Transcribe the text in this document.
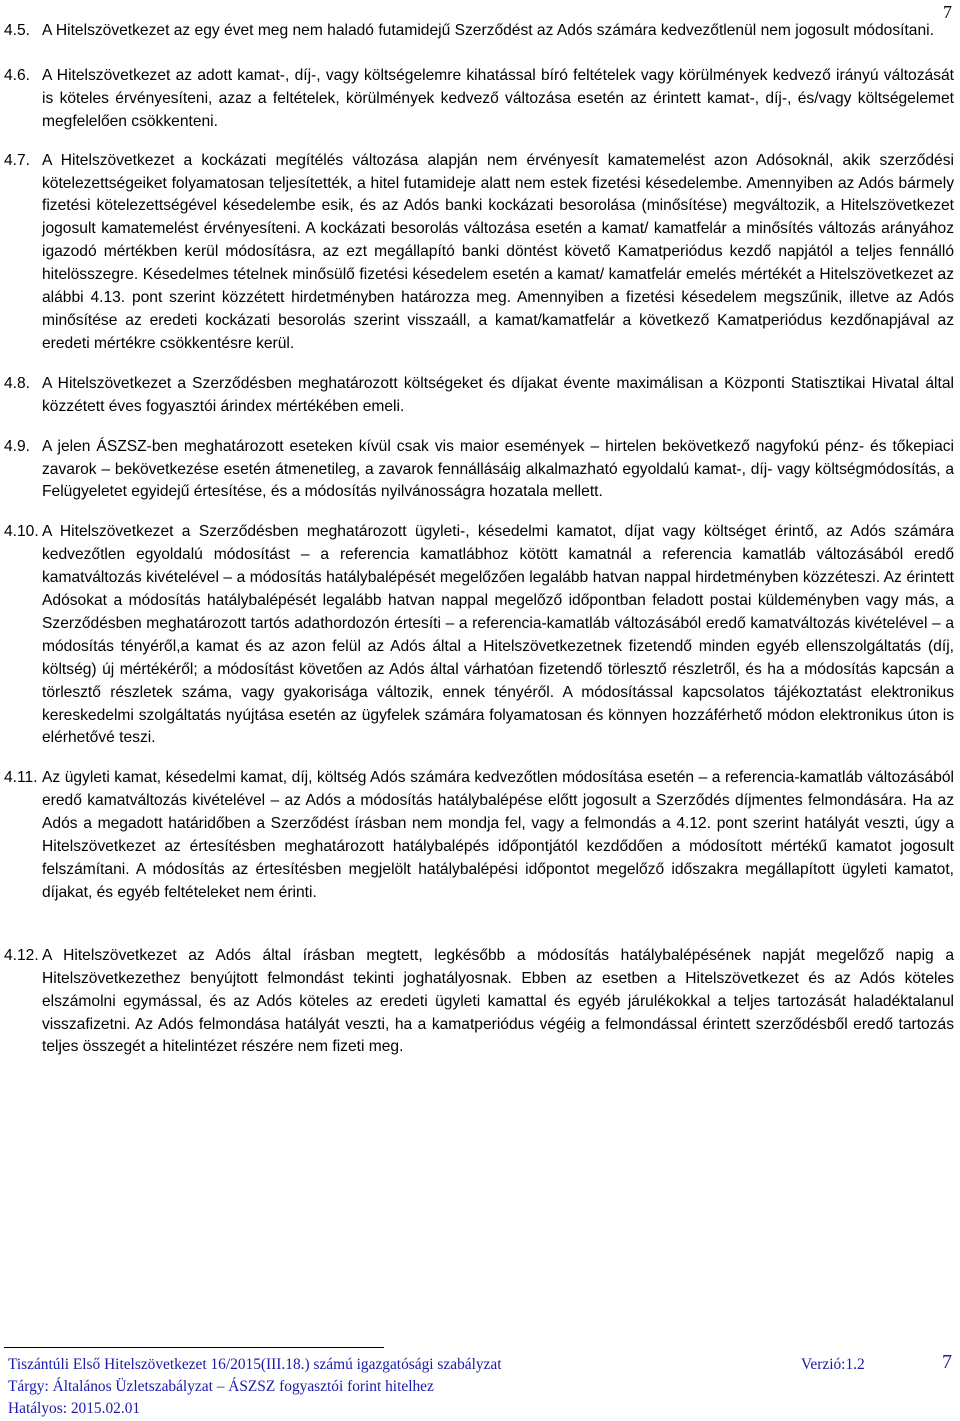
7
4.5. A Hitelszövetkezet az egy évet meg nem haladó futamidejű Szerződést az Adós számára kedvezőtlenül nem jogosult módosítani.
4.6. A Hitelszövetkezet az adott kamat-, díj-, vagy költségelemre kihatással bíró feltételek vagy körülmények kedvező irányú változását is köteles érvényesíteni, azaz a feltételek, körülmények kedvező változása esetén az érintett kamat-, díj-, és/vagy költségelemet megfelelően csökkenteni.
4.7. A Hitelszövetkezet a kockázati megítélés változása alapján nem érvényesít kamatemelést azon Adósoknál, akik szerződési kötelezettségeiket folyamatosan teljesítették, a hitel futamideje alatt nem estek fizetési késedelembe. Amennyiben az Adós bármely fizetési kötelezettségével késedelembe esik, és az Adós banki kockázati besorolása (minősítése) megváltozik, a Hitelszövetkezet jogosult kamatemelést érvényesíteni. A kockázati besorolás változása esetén a kamat/ kamatfelár a minősítés változás arányához igazodó mértékben kerül módosításra, az ezt megállapító banki döntést követő Kamatperiódus kezdő napjától a teljes fennálló hitelösszegre. Késedelmes tételnek minősülő fizetési késedelem esetén a kamat/ kamatfelár emelés mértékét a Hitelszövetkezet az alábbi 4.13. pont szerint közzétett hirdetményben határozza meg. Amennyiben a fizetési késedelem megszűnik, illetve az Adós minősítése az eredeti kockázati besorolás szerint visszaáll, a kamat/kamatfelár a következő Kamatperiódus kezdőnapjával az eredeti mértékre csökkentésre kerül.
4.8. A Hitelszövetkezet a Szerződésben meghatározott költségeket és díjakat évente maximálisan a Központi Statisztikai Hivatal által közzétett éves fogyasztói árindex mértékében emeli.
4.9. A jelen ÁSZSZ-ben meghatározott eseteken kívül csak vis maior események – hirtelen bekövetkező nagyfokú pénz- és tőkepiaci zavarok – bekövetkezése esetén átmenetileg, a zavarok fennállásáig alkalmazható egyoldalú kamat-, díj- vagy költségmódosítás, a Felügyeletet egyidejű értesítése, és a módosítás nyilvánosságra hozatala mellett.
4.10. A Hitelszövetkezet a Szerződésben meghatározott ügyleti-, késedelmi kamatot, díjat vagy költséget érintő, az Adós számára kedvezőtlen egyoldalú módosítást – a referencia kamatlábhoz kötött kamatnál a referencia kamatláb változásából eredő kamatváltozás kivételével – a módosítás hatálybalépését megelőzően legalább hatvan nappal hirdetményben közzéteszi. Az érintett Adósokat a módosítás hatálybalépését legalább hatvan nappal megelőző időpontban feladott postai küldeményben vagy más, a Szerződésben meghatározott tartós adathordozón értesíti – a referencia-kamatláb változásából eredő kamatváltozás kivételével – a módosítás tényéről,a kamat és az azon felül az Adós által a Hitelszövetkezetnek fizetendő minden egyéb ellenszolgáltatás (díj, költség) új mértékéről; a módosítást követően az Adós által várhatóan fizetendő törlesztő részletről, és ha a módosítás kapcsán a törlesztő részletek száma, vagy gyakorisága változik, ennek tényéről. A módosítással kapcsolatos tájékoztatást elektronikus kereskedelmi szolgáltatás nyújtása esetén az ügyfelek számára folyamatosan és könnyen hozzáférhető módon elektronikus úton is elérhetővé teszi.
4.11. Az ügyleti kamat, késedelmi kamat, díj, költség Adós számára kedvezőtlen módosítása esetén – a referencia-kamatláb változásából eredő kamatváltozás kivételével – az Adós a módosítás hatálybalépése előtt jogosult a Szerződés díjmentes felmondására. Ha az Adós a megadott határidőben a Szerződést írásban nem mondja fel, vagy a felmondás a 4.12. pont szerint hatályát veszti, úgy a Hitelszövetkezet az értesítésben meghatározott hatálybalépés időpontjától kezdődően a módosított mértékű kamatot jogosult felszámítani. A módosítás az értesítésben megjelölt hatálybalépési időpontot megelőző időszakra megállapított ügyleti kamatot, díjakat, és egyéb feltételeket nem érinti.
4.12. A Hitelszövetkezet az Adós által írásban megtett, legkésőbb a módosítás hatálybalépésének napját megelőző napig a Hitelszövetkezethez benyújtott felmondást tekinti joghatályosnak. Ebben az esetben a Hitelszövetkezet és az Adós köteles elszámolni egymással, és az Adós köteles az eredeti ügyleti kamattal és egyéb járulékokkal a teljes tartozását haladéktalanul visszafizetni. Az Adós felmondása hatályát veszti, ha a kamatperiódus végéig a felmondással érintett szerződésből eredő tartozás teljes összegét a hitelintézet részére nem fizeti meg.
Tiszántúli Első Hitelszövetkezet 16/2015(III.18.) számú igazgatósági szabályzat	Verzió:1.2	7
Tárgy: Általános Üzletszabályzat – ÁSZSZ fogyasztói forint hitelhez
Hatályos: 2015.02.01
